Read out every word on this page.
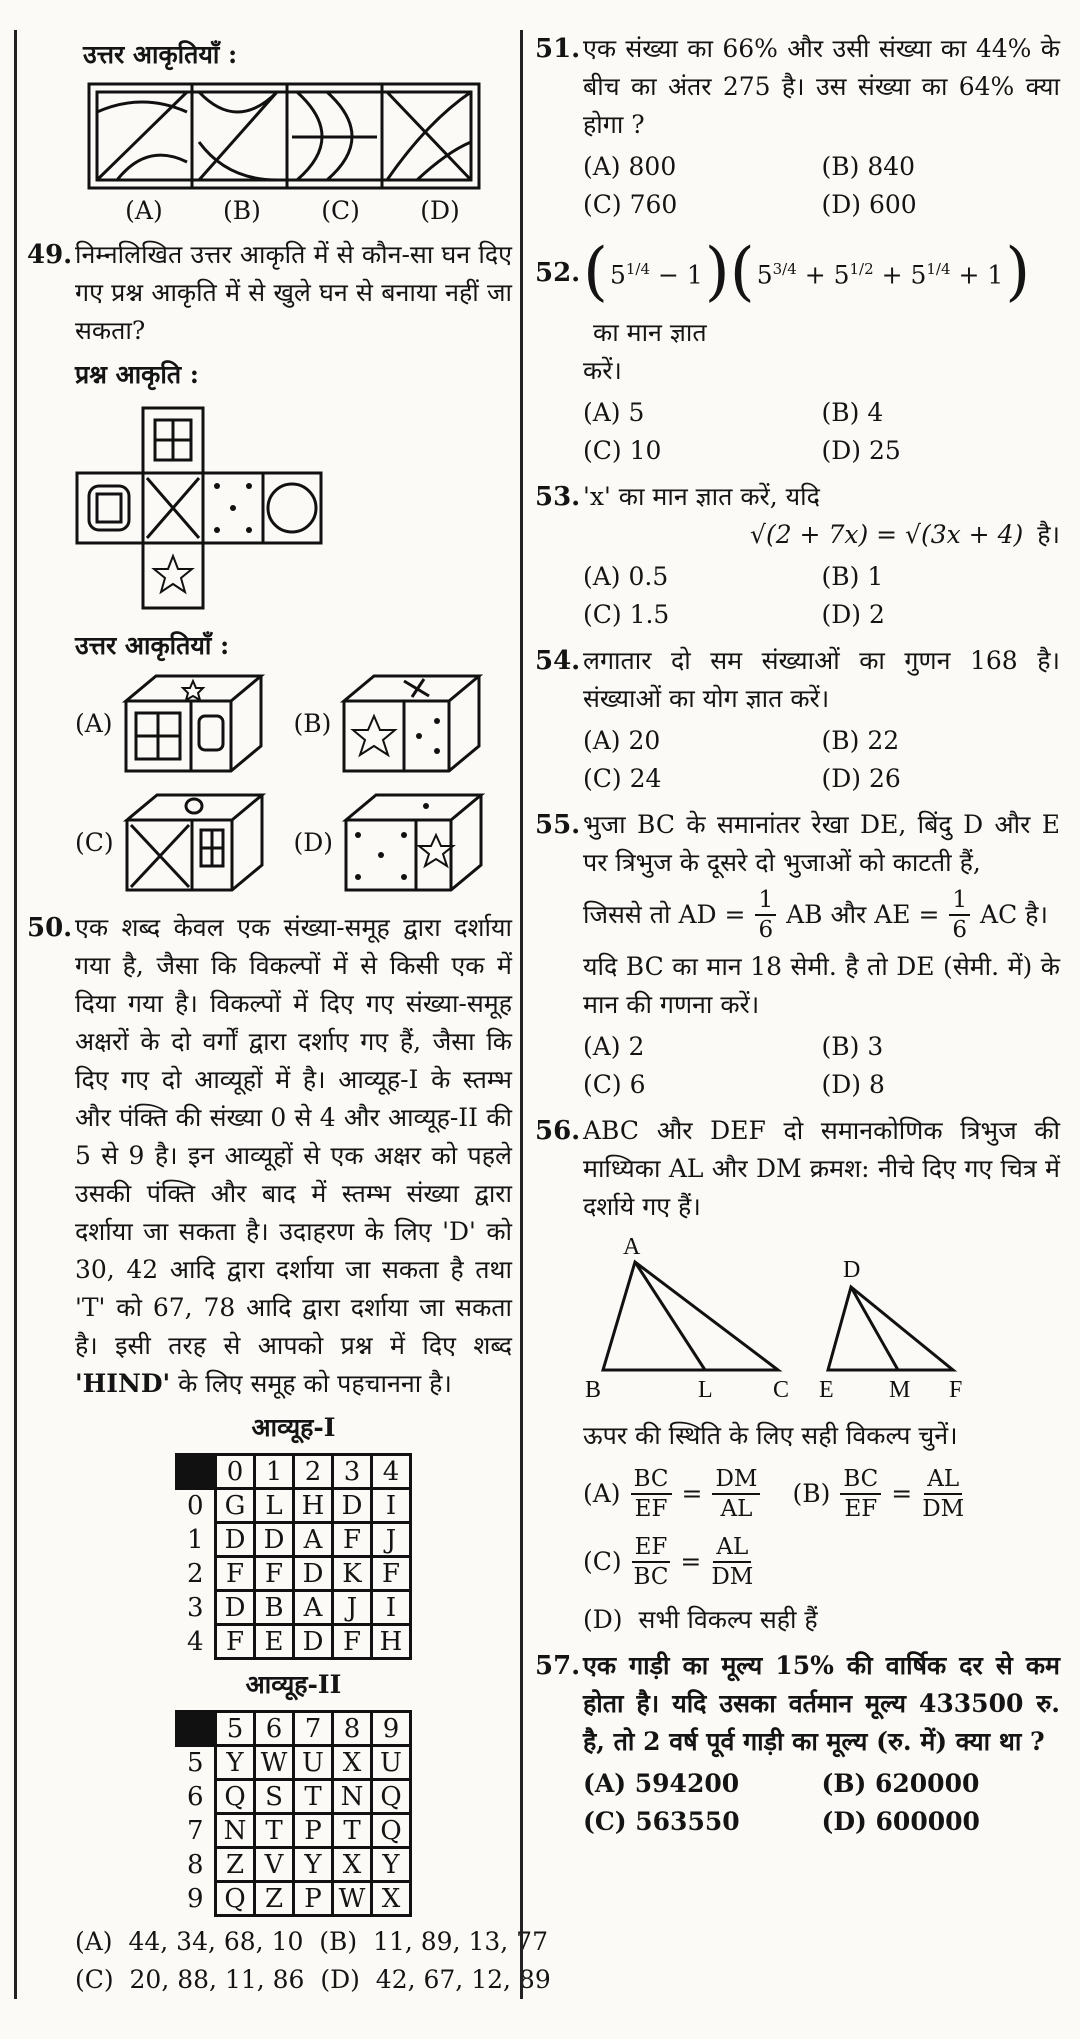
उत्तर आकृतियाँ :
(A) (B) (C) (D)
49. निम्नलिखित उत्तर आकृति में से कौन-सा घन दिए गए प्रश्न आकृति में से खुले घन से बनाया नहीं जा सकता?
प्रश्न आकृति :
उत्तर आकृतियाँ :
(A)	(B)
(C)	(D)
50. एक शब्द केवल एक संख्या-समूह द्वारा दर्शाया गया है, जैसा कि विकल्पों में से किसी एक में दिया गया है। विकल्पों में दिए गए संख्या-समूह अक्षरों के दो वर्गों द्वारा दर्शाए गए हैं, जैसा कि दिए गए दो आव्यूहों में है। आव्यूह-I के स्तम्भ और पंक्ति की संख्या 0 से 4 और आव्यूह-II की 5 से 9 है। इन आव्यूहों से एक अक्षर को पहले उसकी पंक्ति और बाद में स्तम्भ संख्या द्वारा दर्शाया जा सकता है। उदाहरण के लिए 'D' को 30, 42 आदि द्वारा दर्शाया जा सकता है तथा 'T' को 67, 78 आदि द्वारा दर्शाया जा सकता है। इसी तरह से आपको प्रश्न में दिए शब्द 'HIND' के लिए समूह को पहचानना है।
आव्यूह-I
	0	1	2	3	4
0	G	L	H	D	I
1	D	D	A	F	J
2	F	F	D	K	F
3	D	B	A	J	I
4	F	E	D	F	H
आव्यूह-II
	5	6	7	8	9
5	Y	W	U	X	U
6	Q	S	T	N	Q
7	N	T	P	T	Q
8	Z	V	Y	X	Y
9	Q	Z	P	W	X
(A)  44, 34, 68, 10  (B)  11, 89, 13, 77
(C)  20, 88, 11, 86  (D)  42, 67, 12, 89
51. एक संख्या का 66% और उसी संख्या का 44% के बीच का अंतर 275 है। उस संख्या का 64% क्या होगा ?
(A) 800	(B) 840
(C) 760	(D) 600
52. ( $5^{1/4} - 1$ )( $5^{3/4} + 5^{1/2} + 5^{1/4} + 1$ )
का मान ज्ञात
करें।
(A) 5	(B) 4
(C) 10	(D) 25
53. 'x' का मान ज्ञात करें, यदि
√(2 + 7x) = √(3x + 4) है।
(A) 0.5	(B) 1
(C) 1.5	(D) 2
54. लगातार दो सम संख्याओं का गुणन 168 है। संख्याओं का योग ज्ञात करें।
(A) 20	(B) 22
(C) 24	(D) 26
55. भुजा BC के समानांतर रेखा DE, बिंदु D और E पर त्रिभुज के दूसरे दो भुजाओं को काटती हैं,
जिससे तो AD = $\frac{1}{6}$ AB और AE = $\frac{1}{6}$ AC है।
यदि BC का मान 18 सेमी. है तो DE (सेमी. में) के मान की गणना करें।
(A) 2	(B) 3
(C) 6	(D) 8
56. ABC और DEF दो समानकोणिक त्रिभुज की माध्यिका AL और DM क्रमश: नीचे दिए गए चित्र में दर्शाये गए हैं।
A
B	L	C
D
E M F
ऊपर की स्थिति के लिए सही विकल्प चुनें।
$(A) \frac{BC}{EF} = \frac{DM}{AL} (B) \frac{BC}{EF} = \frac{AL}{DM}$
$(C) \frac{EF}{BC} = \frac{AL}{DM}$
(D) सभी विकल्प सही हैं
57. एक गाड़ी का मूल्य 15% की वार्षिक दर से कम होता है। यदि उसका वर्तमान मूल्य 433500 रु. है, तो 2 वर्ष पूर्व गाड़ी का मूल्य (रु. में) क्या था ?
(A) 594200	(B) 620000
(C) 563550	(D) 600000
